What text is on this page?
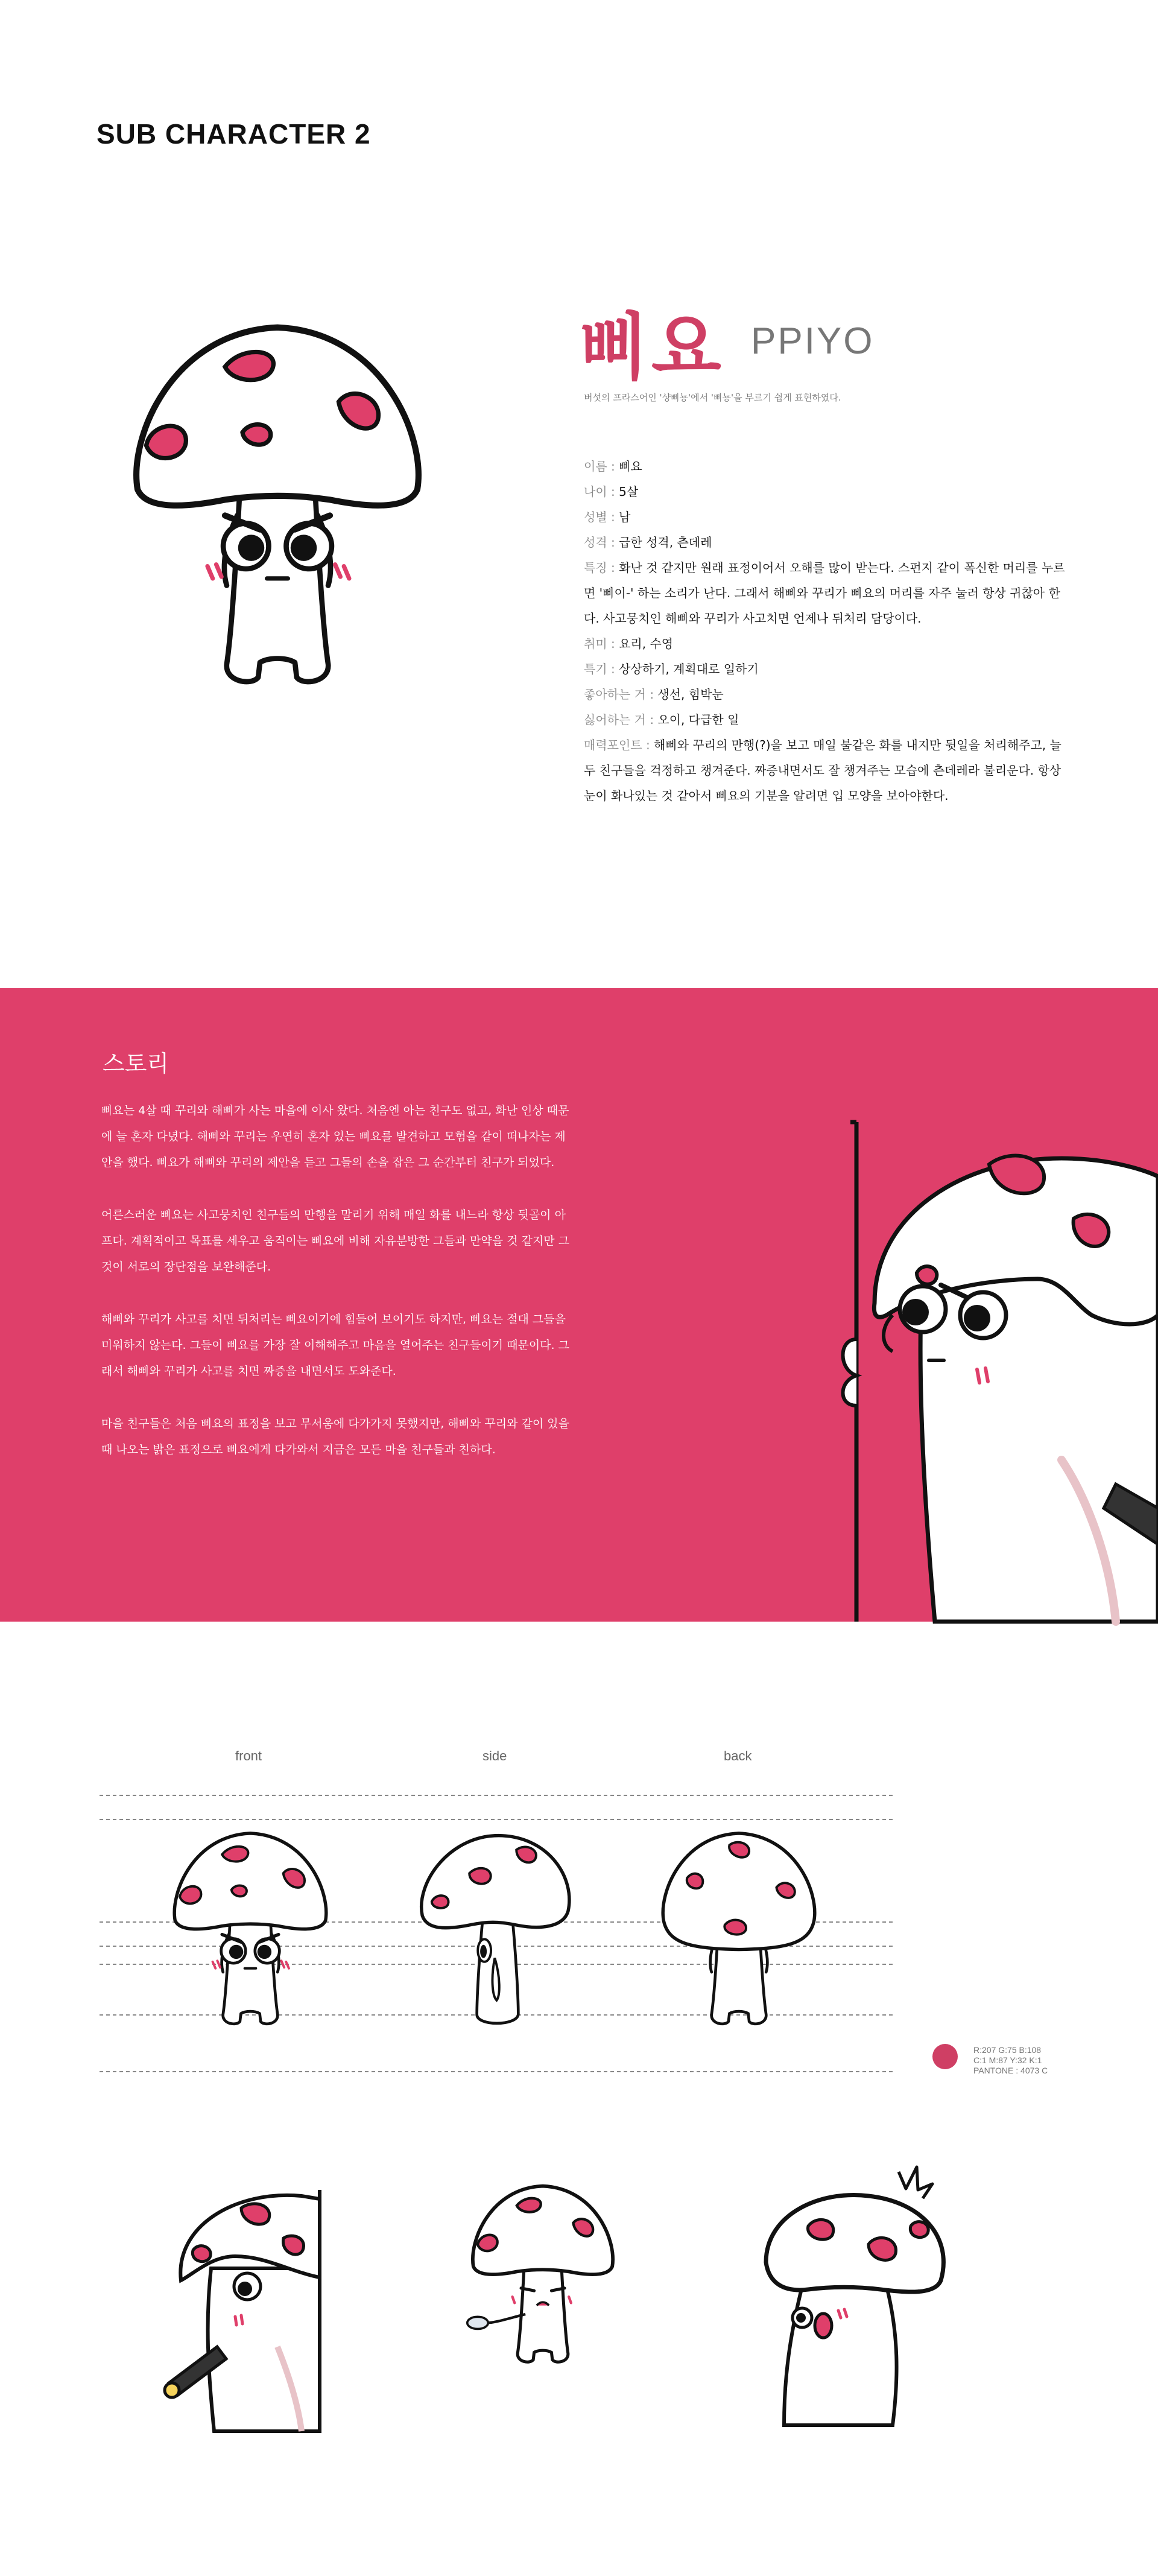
SUB CHARACTER 2
삐요 PPIYO
버섯의 프라스어인 '샹삐뇽'에서 '삐뇽'을 부르기 쉽게 표현하였다.
이름 : 삐요
나이 : 5살
성별 : 남
성격 : 급한 성격, 츤데레
특징 : 화난 것 같지만 원래 표정이어서 오해를 많이 받는다. 스펀지 같이 폭신한 머리를 누르면 '삐이-' 하는 소리가 난다. 그래서 해삐와 꾸리가 삐요의 머리를 자주 눌러 항상 귀찮아 한다. 사고뭉치인 해삐와 꾸리가 사고치면 언제나 뒤처리 담당이다.
취미 : 요리, 수영
특기 : 상상하기, 계획대로 일하기
좋아하는 거 : 생선, 힘박눈
싫어하는 거 : 오이, 다급한 일
매력포인트 : 해삐와 꾸리의 만행(?)을 보고 매일 불같은 화를 내지만 뒷일을 처리해주고, 늘 두 친구들을 걱정하고 챙겨준다. 짜증내면서도 잘 챙겨주는 모습에 츤데레라 불리운다. 항상 눈이 화나있는 것 같아서 삐요의 기분을 알려면 입 모양을 보아야한다.
스토리

삐요는 4살 때 꾸리와 해삐가 사는 마을에 이사 왔다. 처음엔 아는 친구도 없고, 화난 인상 때문에 늘 혼자 다녔다. 해삐와 꾸리는 우연히 혼자 있는 삐요를 발견하고 모험을 같이 떠나자는 제안을 했다. 삐요가 해삐와 꾸리의 제안을 듣고 그들의 손을 잡은 그 순간부터 친구가 되었다.

어른스러운 삐요는 사고뭉치인 친구들의 만행을 말리기 위해 매일 화를 내느라 항상 뒷골이 아프다. 계획적이고 목표를 세우고 움직이는 삐요에 비해 자유분방한 그들과 만약을 것 같지만 그것이 서로의 장단점을 보완해준다.

해삐와 꾸리가 사고를 치면 뒤처리는 삐요이기에 힘들어 보이기도 하지만, 삐요는 절대 그들을 미워하지 않는다. 그들이 삐요를 가장 잘 이해해주고 마음을 열어주는 친구들이기 때문이다. 그래서 해삐와 꾸리가 사고를 치면 짜증을 내면서도 도와준다.

마을 친구들은 처음 삐요의 표정을 보고 무서움에 다가가지 못했지만, 해삐와 꾸리와 같이 있을 때 나오는 밝은 표정으로 삐요에게 다가와서 지금은 모든 마을 친구들과 친하다.

front	side	back
R:207 G:75 B:108
C:1 M:87 Y:32 K:1
PANTONE : 4073 C
